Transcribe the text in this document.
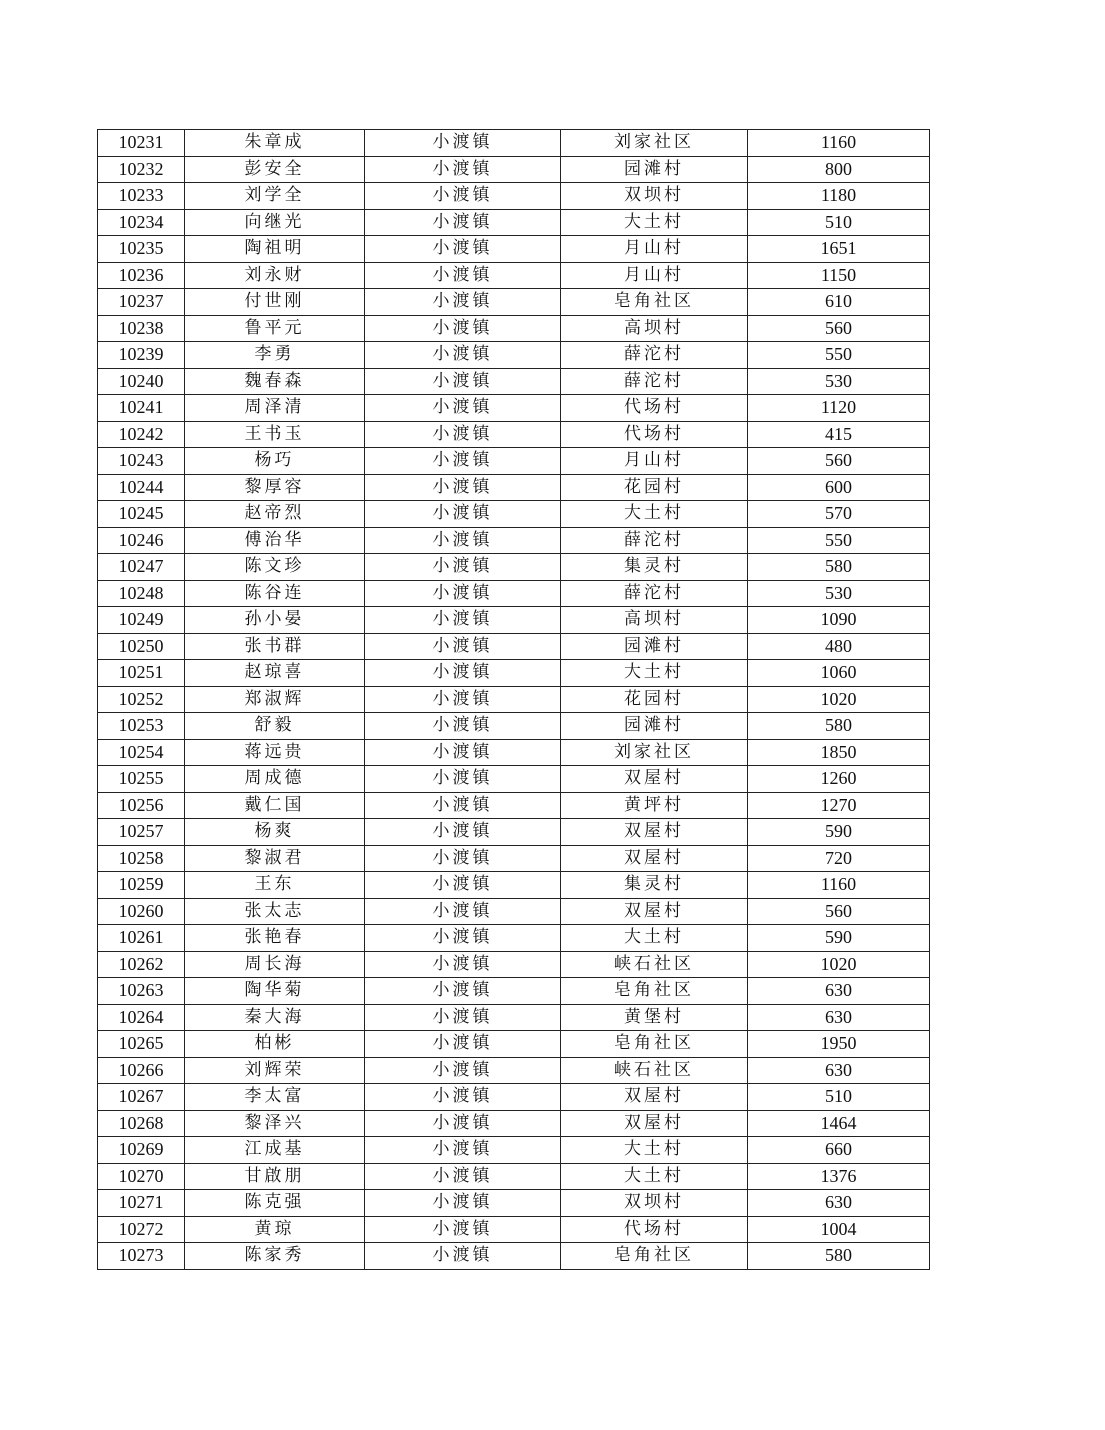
10231	朱章成	小渡镇	刘家社区	1160
10232	彭安全	小渡镇	园滩村	800
10233	刘学全	小渡镇	双坝村	1180
10234	向继光	小渡镇	大土村	510
10235	陶祖明	小渡镇	月山村	1651
10236	刘永财	小渡镇	月山村	1150
10237	付世刚	小渡镇	皂角社区	610
10238	鲁平元	小渡镇	高坝村	560
10239	李勇	小渡镇	薛沱村	550
10240	魏春森	小渡镇	薛沱村	530
10241	周泽清	小渡镇	代场村	1120
10242	王书玉	小渡镇	代场村	415
10243	杨巧	小渡镇	月山村	560
10244	黎厚容	小渡镇	花园村	600
10245	赵帝烈	小渡镇	大土村	570
10246	傅治华	小渡镇	薛沱村	550
10247	陈文珍	小渡镇	集灵村	580
10248	陈谷连	小渡镇	薛沱村	530
10249	孙小晏	小渡镇	高坝村	1090
10250	张书群	小渡镇	园滩村	480
10251	赵琼喜	小渡镇	大土村	1060
10252	郑淑辉	小渡镇	花园村	1020
10253	舒毅	小渡镇	园滩村	580
10254	蒋远贵	小渡镇	刘家社区	1850
10255	周成德	小渡镇	双屋村	1260
10256	戴仁国	小渡镇	黄坪村	1270
10257	杨爽	小渡镇	双屋村	590
10258	黎淑君	小渡镇	双屋村	720
10259	王东	小渡镇	集灵村	1160
10260	张太志	小渡镇	双屋村	560
10261	张艳春	小渡镇	大土村	590
10262	周长海	小渡镇	峡石社区	1020
10263	陶华菊	小渡镇	皂角社区	630
10264	秦大海	小渡镇	黄堡村	630
10265	柏彬	小渡镇	皂角社区	1950
10266	刘辉荣	小渡镇	峡石社区	630
10267	李太富	小渡镇	双屋村	510
10268	黎泽兴	小渡镇	双屋村	1464
10269	江成基	小渡镇	大土村	660
10270	甘啟朋	小渡镇	大土村	1376
10271	陈克强	小渡镇	双坝村	630
10272	黄琼	小渡镇	代场村	1004
10273	陈家秀	小渡镇	皂角社区	580
